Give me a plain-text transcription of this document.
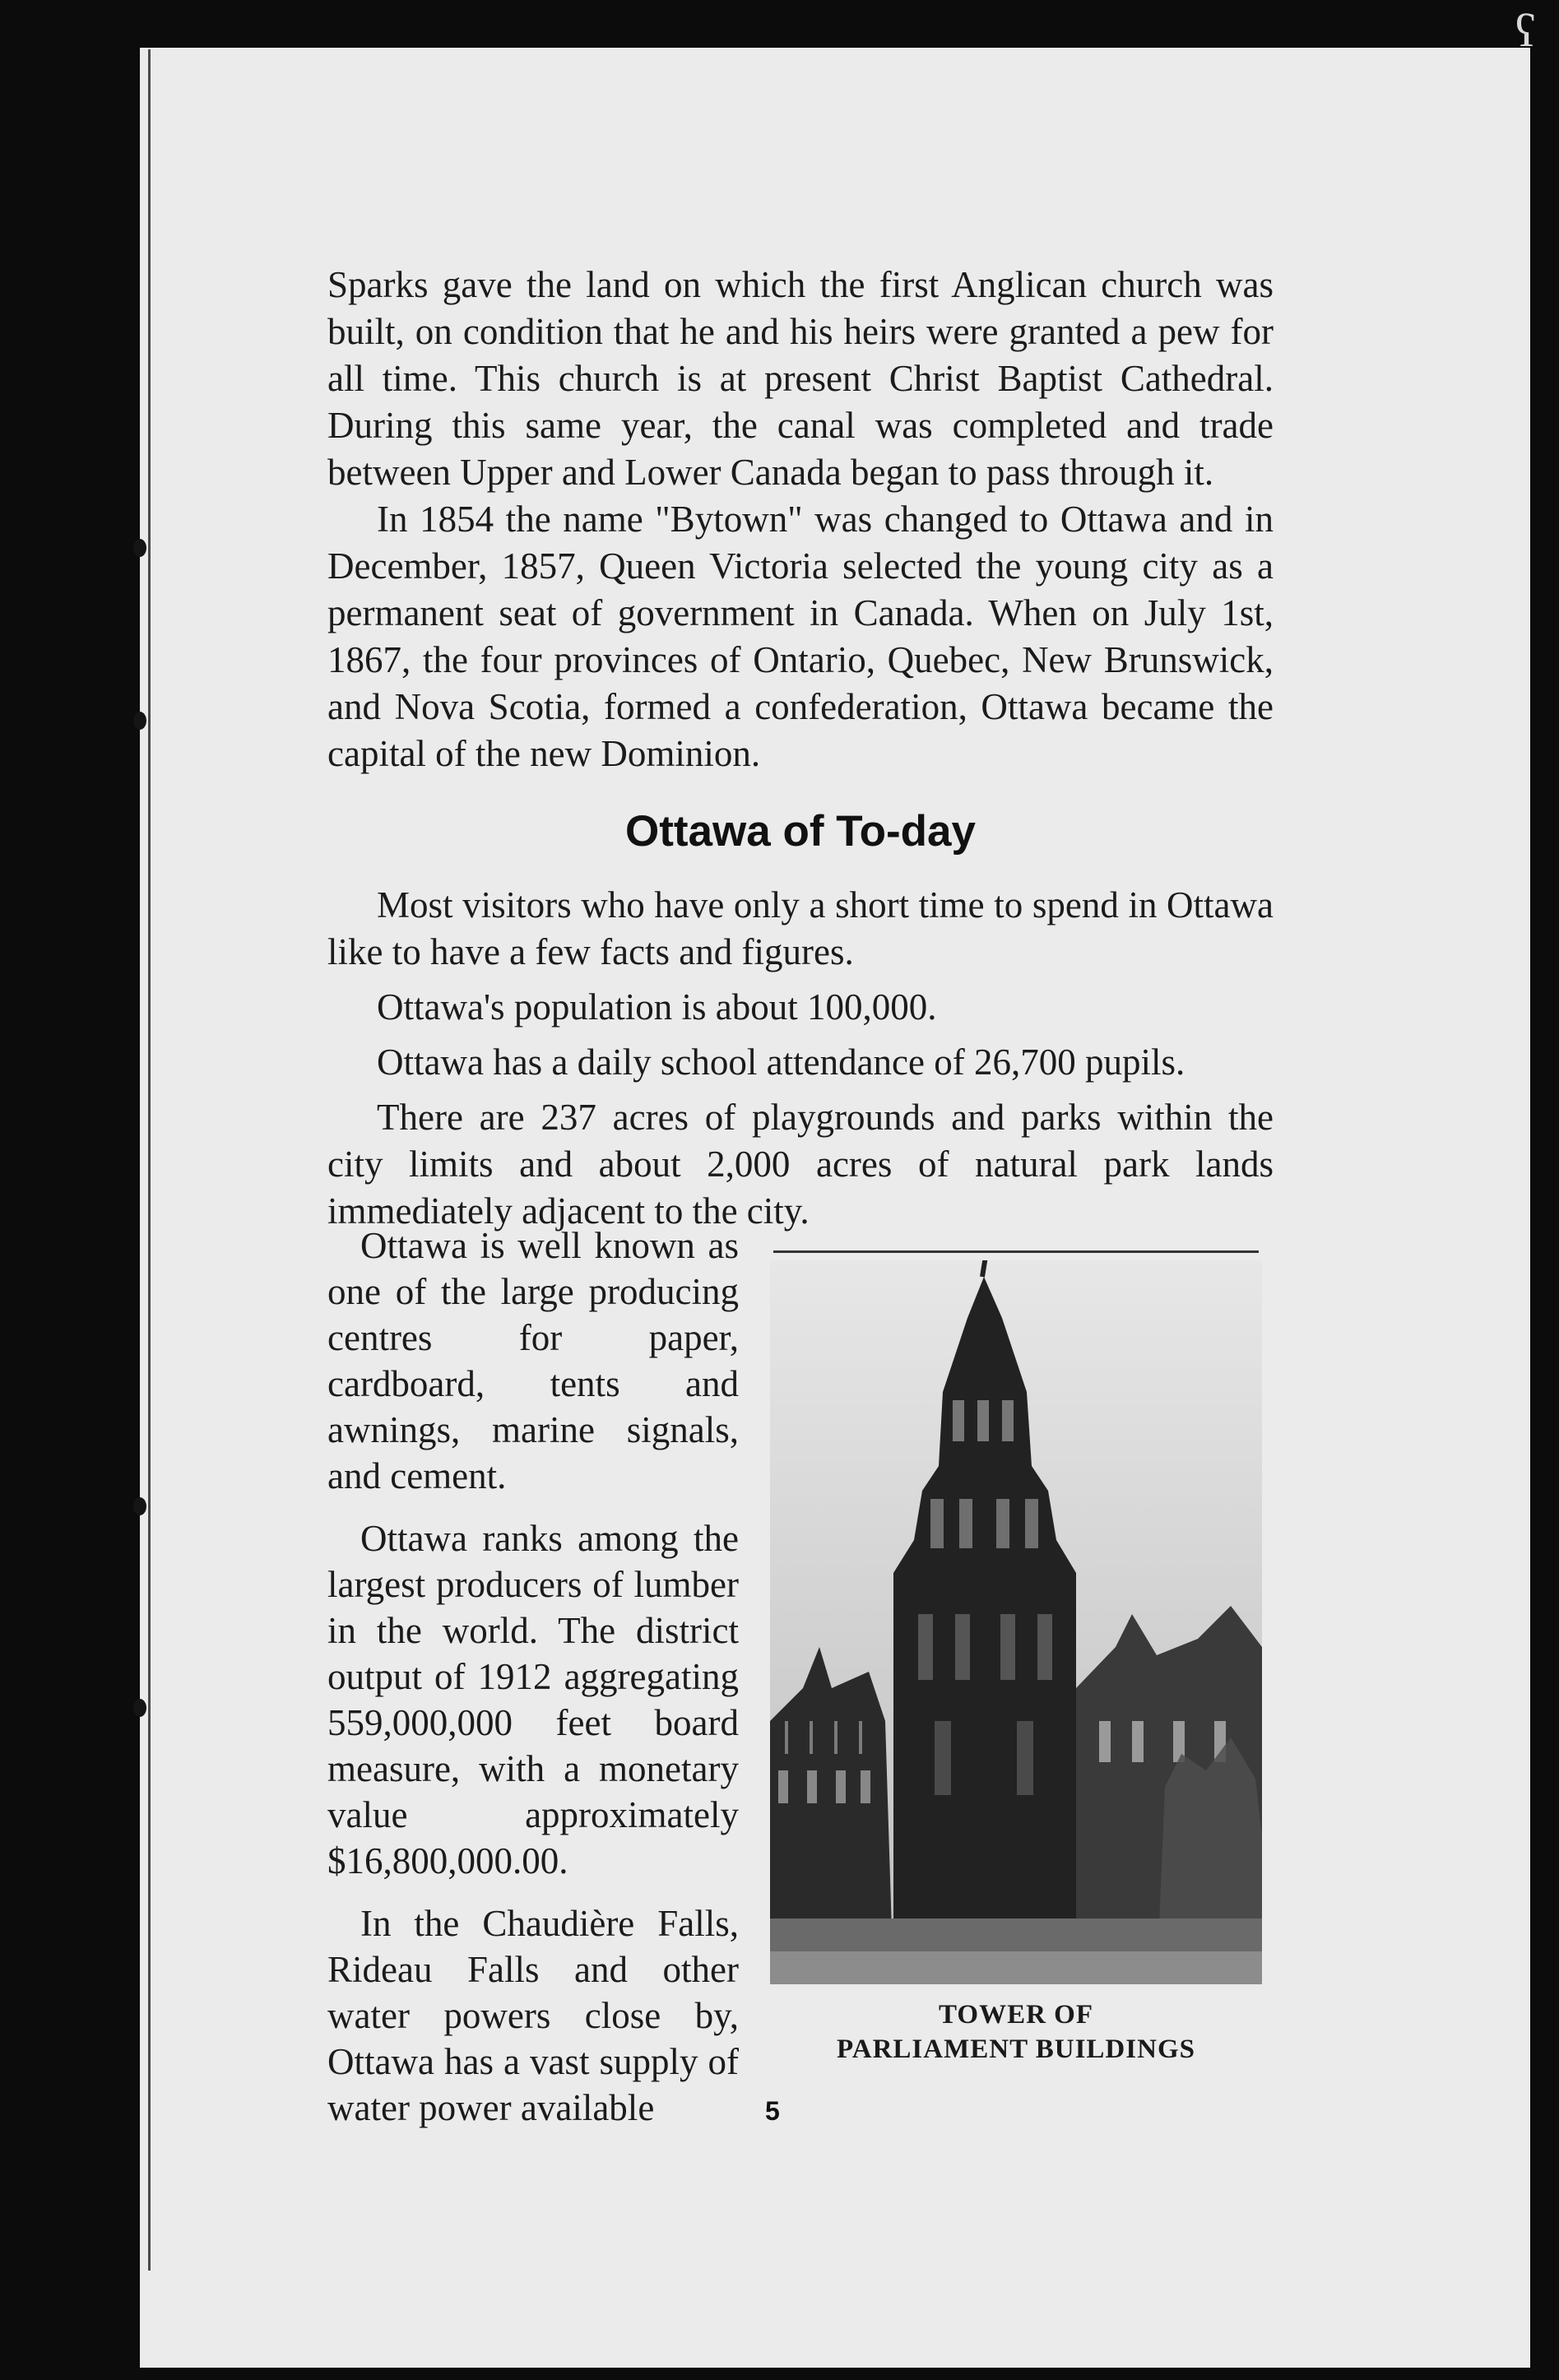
ʕ

Sparks gave the land on which the first Anglican church was built, on condition that he and his heirs were granted a pew for all time. This church is at present Christ Baptist Cathedral. During this same year, the canal was completed and trade between Upper and Lower Canada began to pass through it.

In 1854 the name "Bytown" was changed to Ottawa and in December, 1857, Queen Victoria selected the young city as a permanent seat of government in Canada. When on July 1st, 1867, the four provinces of Ontario, Quebec, New Brunswick, and Nova Scotia, formed a confederation, Ottawa became the capital of the new Dominion.

Ottawa of To-day

Most visitors who have only a short time to spend in Ottawa like to have a few facts and figures.

Ottawa's population is about 100,000.

Ottawa has a daily school attendance of 26,700 pupils.

There are 237 acres of playgrounds and parks within the city limits and about 2,000 acres of natural park lands immediately adjacent to the city.

Ottawa is well known as one of the large producing centres for paper, cardboard, tents and awnings, marine signals, and cement.

Ottawa ranks among the largest producers of lumber in the world. The district output of 1912 aggregating 559,000,000 feet board measure, with a monetary value approximately $16,800,000.00.

In the Chaudière Falls, Rideau Falls and other water powers close by, Ottawa has a vast supply of water power available

TOWER OF
PARLIAMENT BUILDINGS
5
